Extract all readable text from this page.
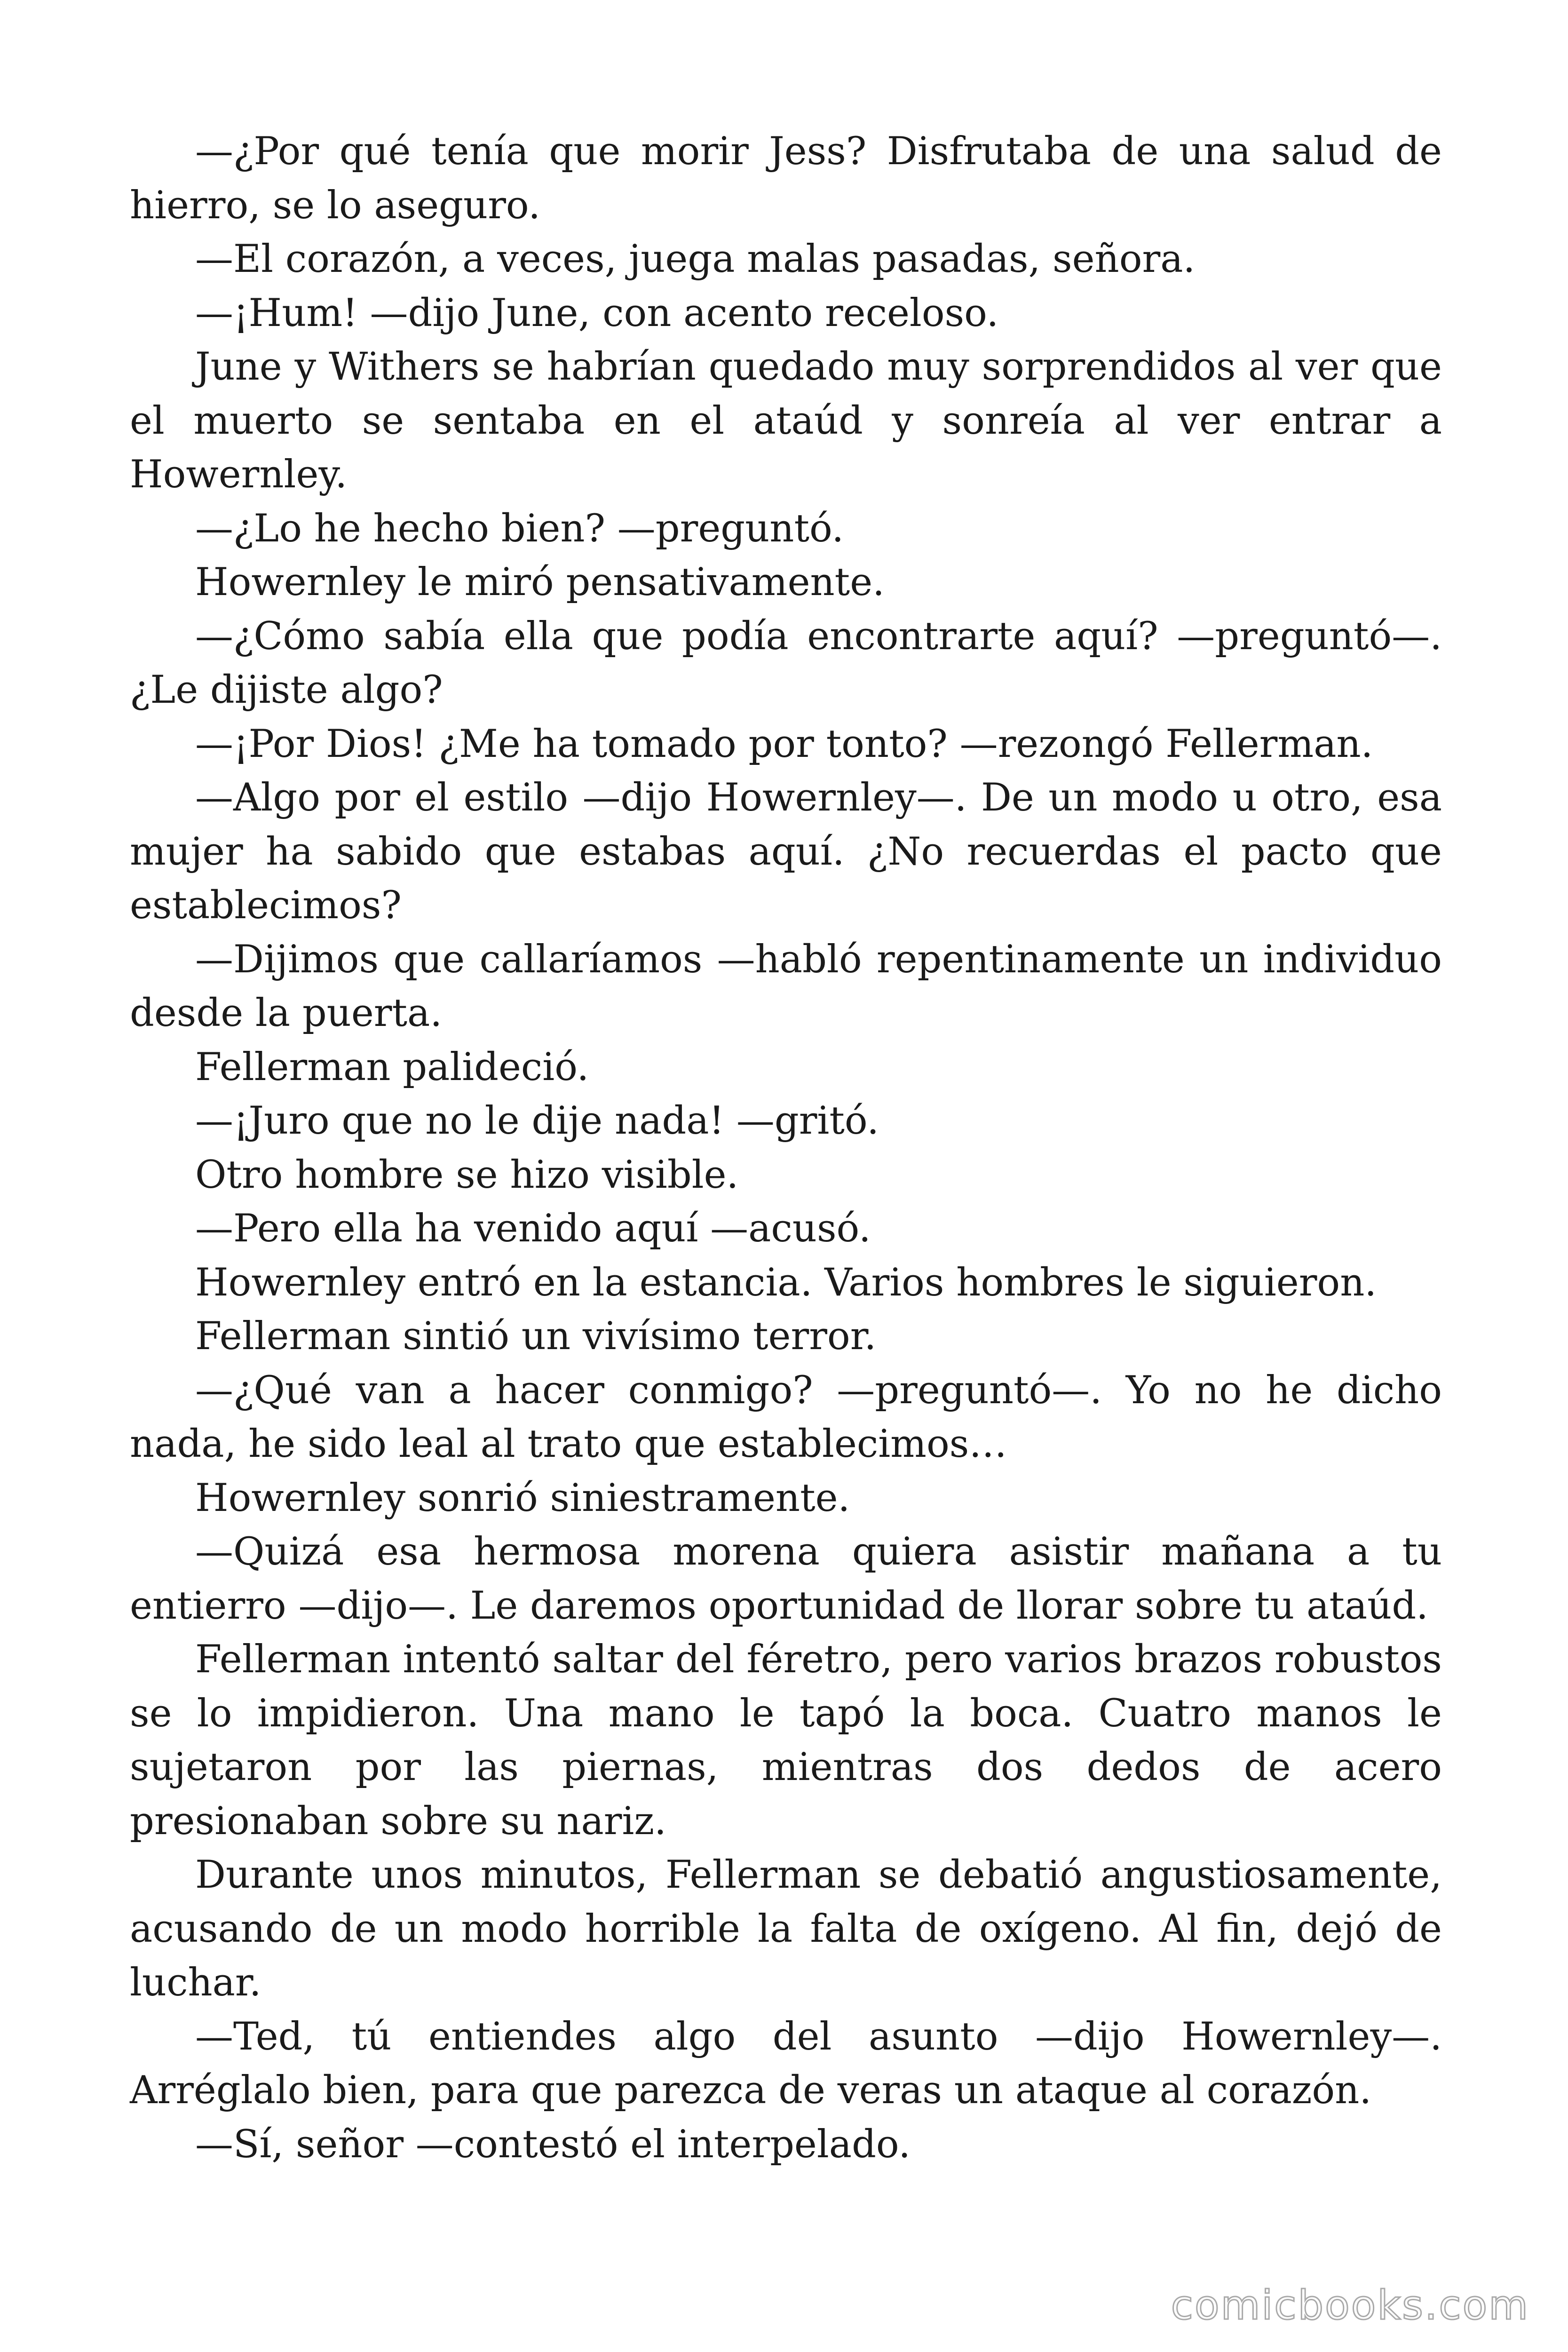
—¿Por qué tenía que morir Jess? Disfrutaba de una salud de hierro, se lo aseguro.

—El corazón, a veces, juega malas pasadas, señora.

—¡Hum! —dijo June, con acento receloso.

June y Withers se habrían quedado muy sorprendidos al ver que el muerto se sentaba en el ataúd y sonreía al ver entrar a Howernley.

—¿Lo he hecho bien? —preguntó.

Howernley le miró pensativamente.

—¿Cómo sabía ella que podía encontrarte aquí? —preguntó—. ¿Le dijiste algo?

—¡Por Dios! ¿Me ha tomado por tonto? —rezongó Fellerman.

—Algo por el estilo —dijo Howernley—. De un modo u otro, esa mujer ha sabido que estabas aquí. ¿No recuerdas el pacto que establecimos?

—Dijimos que callaríamos —habló repentinamente un individuo desde la puerta.

Fellerman palideció.

—¡Juro que no le dije nada! —gritó.

Otro hombre se hizo visible.

—Pero ella ha venido aquí —acusó.

Howernley entró en la estancia. Varios hombres le siguieron.

Fellerman sintió un vivísimo terror.

—¿Qué van a hacer conmigo? —preguntó—. Yo no he dicho nada, he sido leal al trato que establecimos…

Howernley sonrió siniestramente.

—Quizá esa hermosa morena quiera asistir mañana a tu entierro —dijo—. Le daremos oportunidad de llorar sobre tu ataúd.

Fellerman intentó saltar del féretro, pero varios brazos robustos se lo impidieron. Una mano le tapó la boca. Cuatro manos le sujetaron por las piernas, mientras dos dedos de acero presionaban sobre su nariz.

Durante unos minutos, Fellerman se debatió angustiosamente, acusando de un modo horrible la falta de oxígeno. Al fin, dejó de luchar.

—Ted, tú entiendes algo del asunto —dijo Howernley—. Arréglalo bien, para que parezca de veras un ataque al corazón.

—Sí, señor —contestó el interpelado.

comicbooks.com
